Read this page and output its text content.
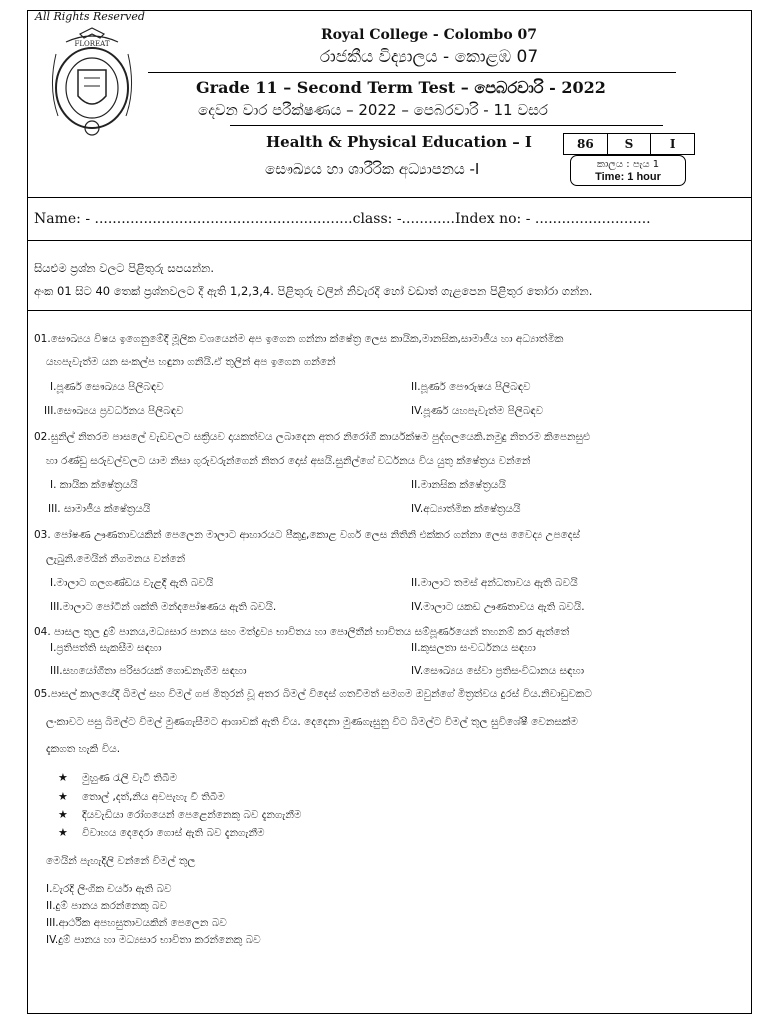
All Rights Reserved
FLOREAT
Royal College - Colombo 07
රාජකීය විද්‍යාලය - කොළඹ 07
Grade 11 – Second Term Test – පෙබරවාරි - 2022
දෙවන වාර පරීක්ෂණය – 2022 – පෙබරවාරි - 11 වසර
Health & Physical Education – I
සෞඛ්‍යය හා ශාරීරික අධ්‍යාපනය -I
86	S	I
කාලය : පැය 1
Time: 1 hour
Name: - ..........................................................class: -............Index no: - ..........................
සියළුම ප්‍රශ්න වලට පිළිතුරු සපයන්න.
අංක 01 සිට 40 තෙක් ප්‍රශ්නවලට දී ඇති 1,2,3,4. පිළිතුරු වලින් නිවැරදි හෝ වඩාත් ගැළපෙන පිළිතුර තෝරා ගන්න.
01.සෞඛ්‍යය විෂය ඉගෙනුමේදී මූලික වශයෙන්ම අප ඉගෙන ගන්නා ක්ෂේත්‍ර ලෙස කායික,මානසික,සාමාජීය හා අධ්‍යාත්මික
යහපැවැත්ම යන සංකල්ප හඳුනා ගනියි.ඒ තුලින් අප ඉගෙන ගන්නේ
I.පූර්ණ සෞඛ්‍යය පිලිබඳව	II.පූර්ණ පෞරුෂය පිලිබඳව
III.සෞඛ්‍යය ප්‍රවර්ධනය පිලිබඳව	IV.පූර්ණ යහපැවැත්ම පිලිබඳව
02.සුනිල් නිතරම පාසලේ වැඩවලට සක්‍රියව දායකත්වය ලබාදෙන අතර නිරෝගී කාර්යක්ෂම පුද්ගලයෙකි.නමුදු නිතරම කිපෙනසුළු
හා රණ්ඩු සරුවල්වලට යාම නිසා ගුරුවරුන්ගෙන් නිතර දොස් අසයි.සුනිල්ගේ වර්ධනය විය යුතු ක්ෂේත්‍රය වන්නේ
I. කායික ක්ෂේත්‍රයයි	II.මානසික ක්ෂේත්‍රයයි
III. සාමාජීය ක්ෂේත්‍රයයි	IV.අධ්‍යාත්මික ක්ෂේත්‍රයයි
03. පෝෂණ ඌණතාවයකින් පෙලෙන මාලාට ආහාරයට පීකුදු,කොළ වර්ග ලෙස නිතිනි එක්කර ගන්නා ලෙස වෛද්‍ය උපදෙස්
ලැබුනි.මෙයින් නිගමනය වන්නේ
I.මාලාට ගලගණ්ඩය වැළදී ඇති බවයි	II.මාලාට තමස් අන්ධතාවය ඇති බවයි
III.මාලාට පෝටීන් ශක්ති මන්දපෝෂණය ඇති බවයි.	IV.මාලාට යකඩ ඌණතාවය ඇති බවයි.
04. පාසල තුල දුම් පානය,මධ්‍යසාර පානය සහ මත්ද්‍රව්‍ය භාවිතය හා පොලිතීන් භාවිතය සම්පූර්ණයෙන් තහනම් කර ඇත්තේ
I.ප්‍රතිපත්ති සැකසීම සඳහා	II.කුසලතා සංවර්ධනය සඳහා
III.සහයෝගීතා පරිසරයක් ගොඩනැගීම සඳහා	IV.සෞඛ්‍යය සේවා ප්‍රතිසංවිධානය සඳහා
05.පාසල් කාලයේදී බිමල් සහ විමල් ගජ මිතුරන් වූ අතර බිමල් විදෙස් ගතවීමත් සමගම ඔවුන්ගේ මිත්‍රත්වය දුරස් විය.නිවාඩුවකට
ලංකාවට පසු බිමල්ට විමල් මුණගැසීමට ආශාවක් ඇති විය. දෙදෙනා මුණගැසුනු විට බිමල්ට විමල් තුල සුවිශේෂී වෙනසක්ම
දැකගත හැකි විය.
★ මුහුණ රැලි වැටී තිබීම
★ තොල් ,දත්,නිය අවපැහැ වී තිබීම
★ දියවැඩියා රෝගයෙන් පෙළෙන්නෙකු බව දැනගැනීම
★ විවාහය දෙදෙරා ගොස් ඇති බව දැනගැනීම
මෙයින් පැහැදිලි වන්නේ විමල් තුල
I.වැරදි ලිංගික චර්යා ඇති බව
II.දුම් පානය කරන්නෙකු බව
III.ආර්ථික අපහසුතාවයකින් පෙලෙන බව
IV.දුම් පානය හා මධ්‍යසාර භාවිතා කරන්නෙකු බව
